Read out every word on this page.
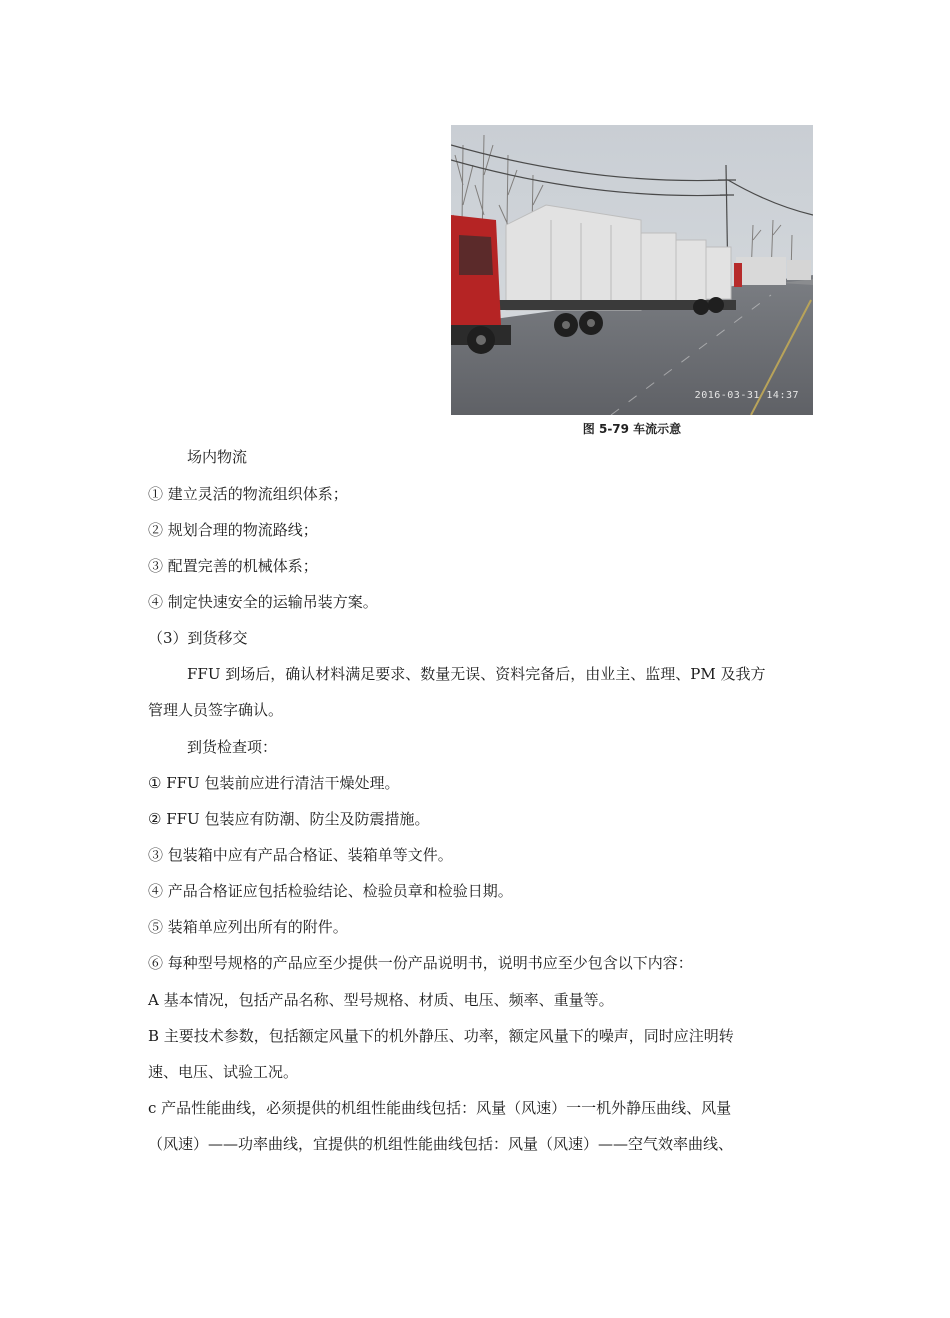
2016-03-31 14:37
图 5-79 车流示意
场内物流
① 建立灵活的物流组织体系；
② 规划合理的物流路线；
③ 配置完善的机械体系；
④ 制定快速安全的运输吊装方案。
（3）到货移交
FFU 到场后，确认材料满足要求、数量无误、资料完备后，由业主、监理、PM 及我方
管理人员签字确认。
到货检查项：
① FFU 包装前应进行清洁干燥处理。
② FFU 包装应有防潮、防尘及防震措施。
③ 包装箱中应有产品合格证、装箱单等文件。
④ 产品合格证应包括检验结论、检验员章和检验日期。
⑤ 装箱单应列出所有的附件。
⑥ 每种型号规格的产品应至少提供一份产品说明书，说明书应至少包含以下内容：
A 基本情况，包括产品名称、型号规格、材质、电压、频率、重量等。
B 主要技术参数，包括额定风量下的机外静压、功率，额定风量下的噪声，同时应注明转
速、电压、试验工况。
c 产品性能曲线，必须提供的机组性能曲线包括：风量（风速）一一机外静压曲线、风量
（风速）——功率曲线，宜提供的机组性能曲线包括：风量（风速）——空气效率曲线、
